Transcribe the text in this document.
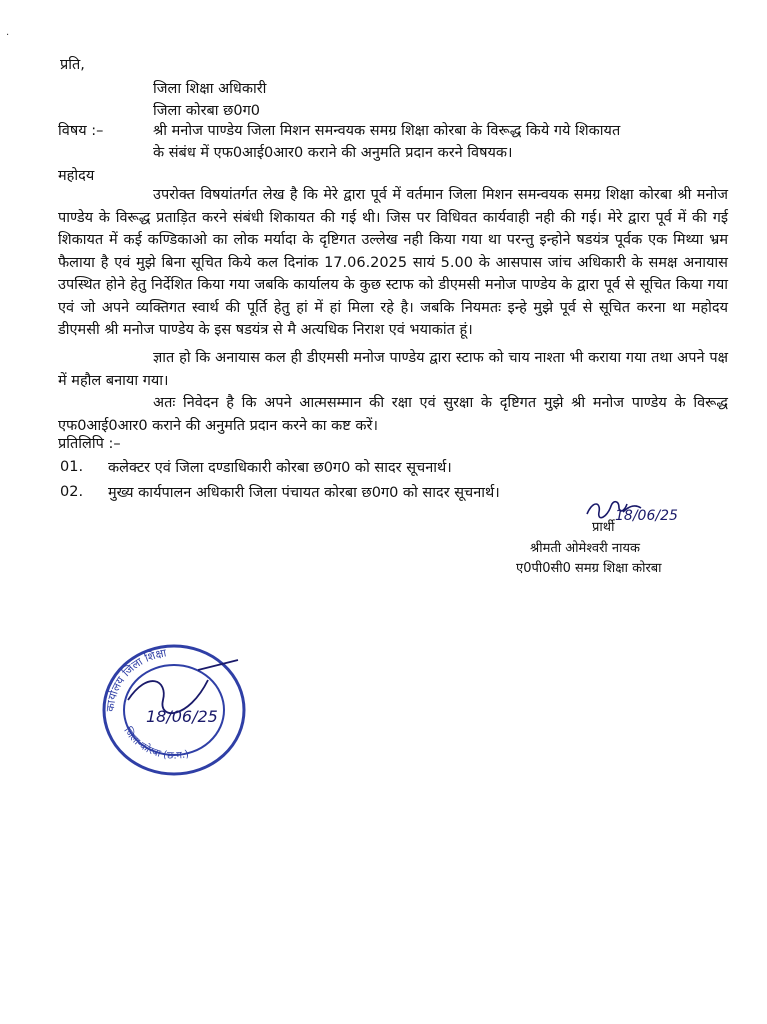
·
प्रति,
जिला शिक्षा अधिकारी
जिला कोरबा छ0ग0
विषय :–	श्री मनोज पाण्डेय जिला मिशन समन्वयक समग्र शिक्षा कोरबा के विरूद्ध किये गये शिकायत
के संबंध में एफ0आई0आर0 कराने की अनुमति प्रदान करने विषयक।
महोदय
उपरोक्त विषयांतर्गत लेख है कि मेरे द्वारा पूर्व में वर्तमान जिला मिशन समन्वयक समग्र शिक्षा कोरबा श्री मनोज पाण्डेय के विरूद्ध प्रताड़ित करने संबंधी शिकायत की गई थी। जिस पर विधिवत कार्यवाही नही की गई। मेरे द्वारा पूर्व में की गई शिकायत में कई कण्डिकाओ का लोक मर्यादा के दृष्टिगत उल्लेख नही किया गया था परन्तु इन्होने षडयंत्र पूर्वक एक मिथ्या भ्रम फैलाया है एवं मुझे बिना सूचित किये कल दिनांक 17.06.2025 सायं 5.00 के आसपास जांच अधिकारी के समक्ष अनायास उपस्थित होने हेतु निर्देशित किया गया जबकि कार्यालय के कुछ स्टाफ को डीएमसी मनोज पाण्डेय के द्वारा पूर्व से सूचित किया गया एवं जो अपने व्यक्तिगत स्वार्थ की पूर्ति हेतु हां में हां मिला रहे है। जबकि नियमतः इन्हे मुझे पूर्व से सूचित करना था महोदय डीएमसी श्री मनोज पाण्डेय के इस षडयंत्र से मै अत्यधिक निराश एवं भयाकांत हूं।
ज्ञात हो कि अनायास कल ही डीएमसी मनोज पाण्डेय द्वारा स्टाफ को चाय नाश्ता भी कराया गया तथा अपने पक्ष में महौल बनाया गया।
अतः निवेदन है कि अपने आत्मसम्मान की रक्षा एवं सुरक्षा के दृष्टिगत मुझे श्री मनोज पाण्डेय के विरूद्ध एफ0आई0आर0 कराने की अनुमति प्रदान करने का कष्ट करें।
प्रतिलिपि :–
01. कलेक्टर एवं जिला दण्डाधिकारी कोरबा छ0ग0 को सादर सूचनार्थ।
02. मुख्य कार्यपालन अधिकारी जिला पंचायत कोरबा छ0ग0 को सादर सूचनार्थ।
18/06/25
प्रार्थी
श्रीमती ओमेश्वरी नायक
ए0पी0सी0 समग्र शिक्षा कोरबा
कार्यालय जिला शिक्षा
जिला-कोरबा (छ.ग.)
18/06/25
